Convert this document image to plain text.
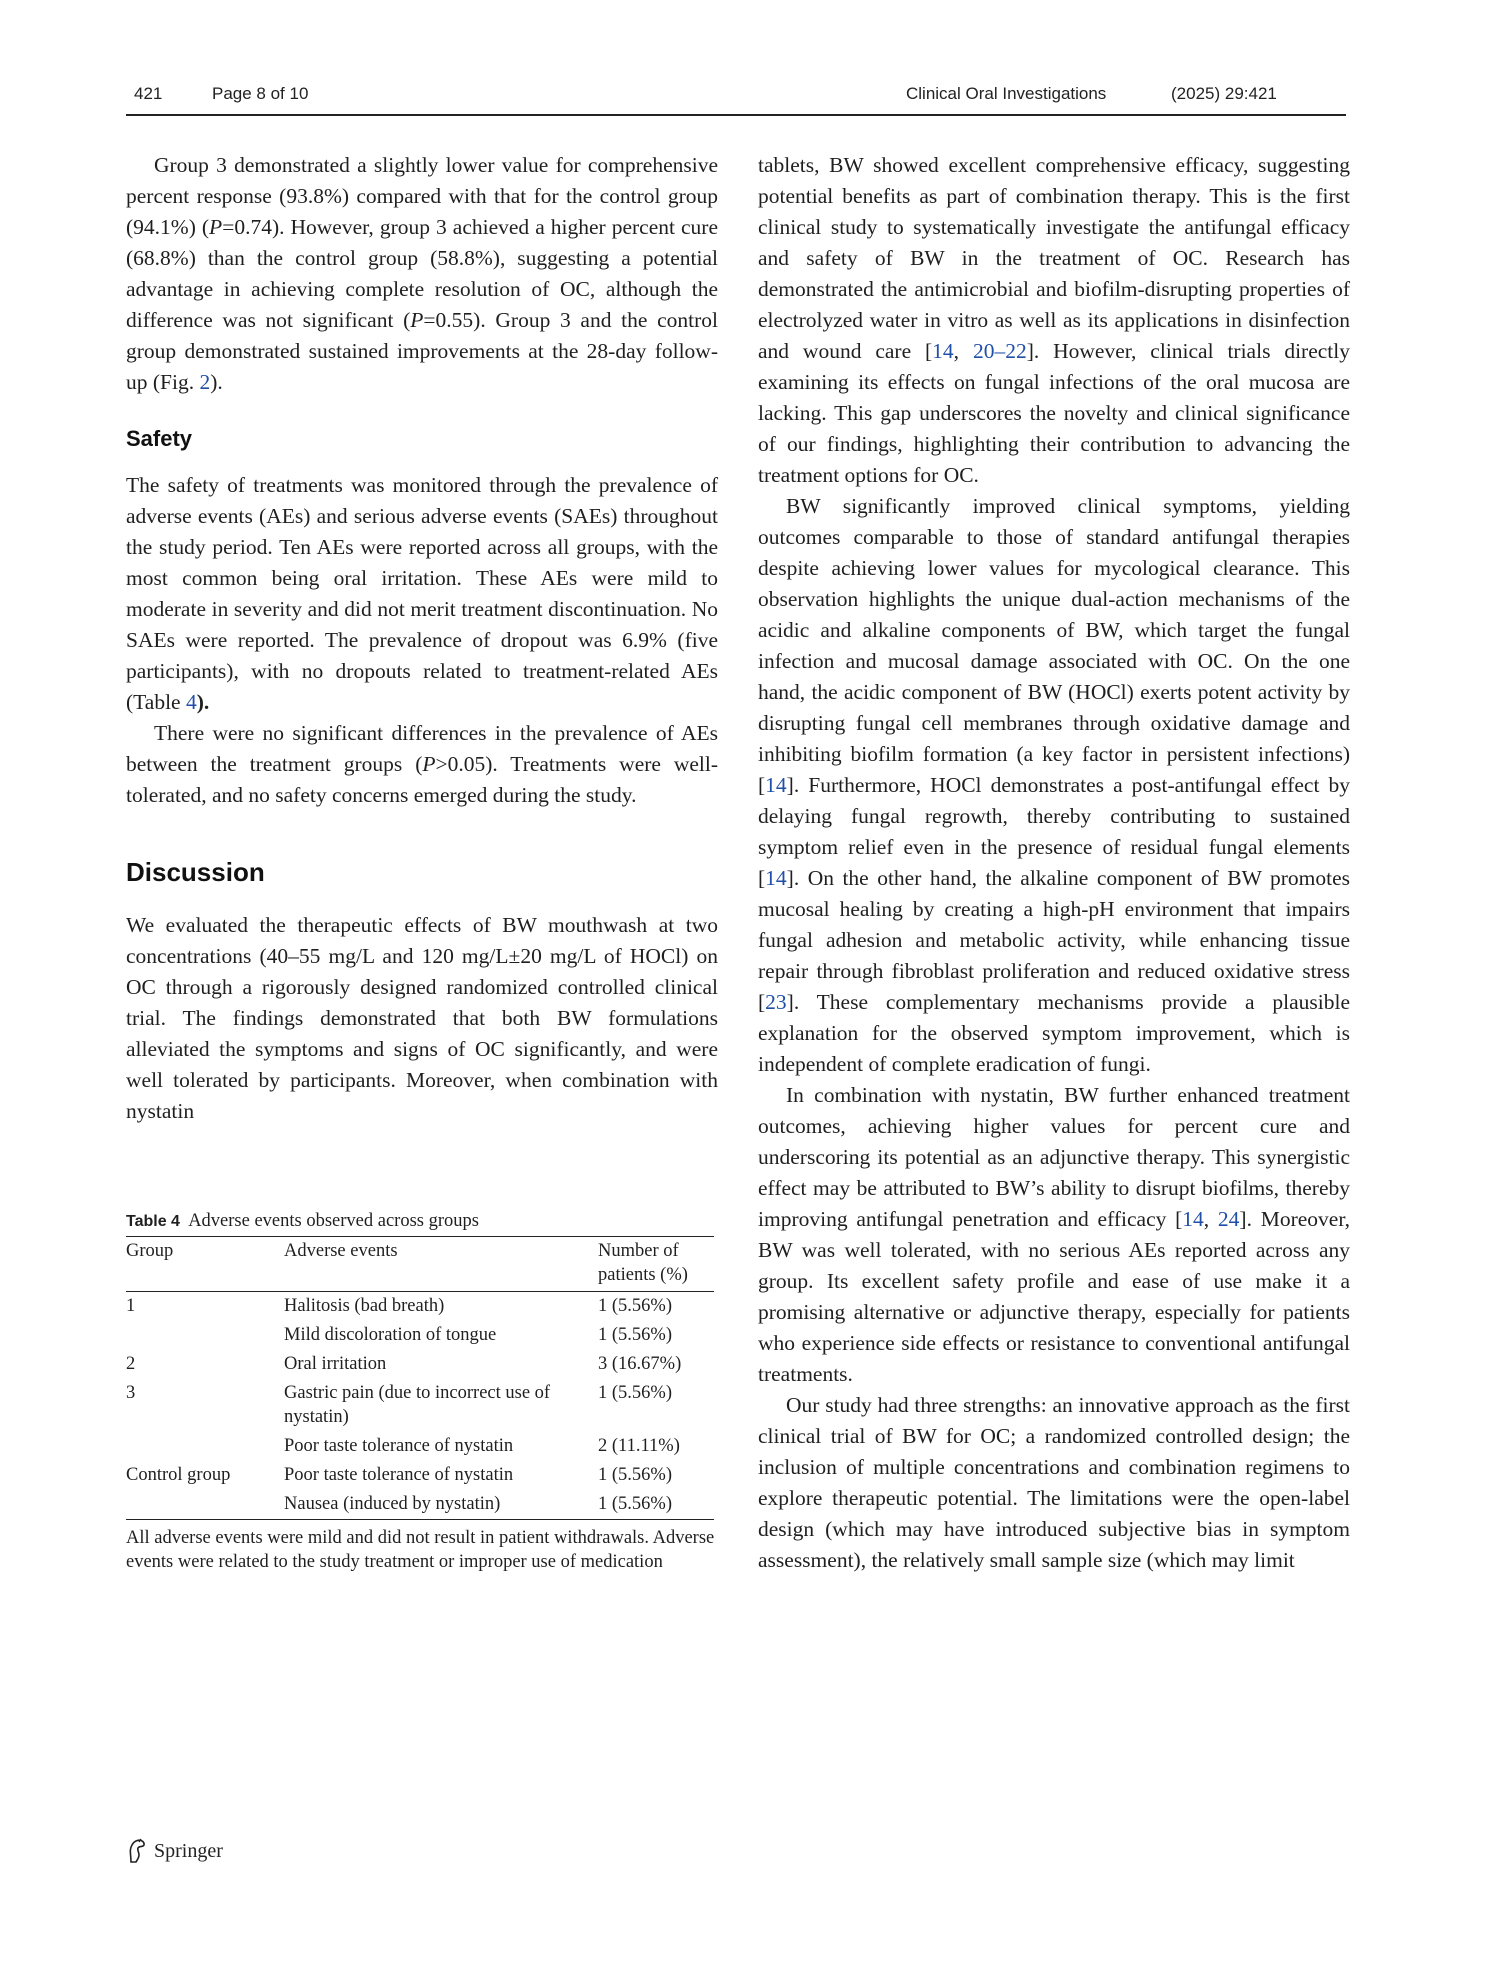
421	Page 8 of 10	Clinical Oral Investigations	(2025) 29:421

Group 3 demonstrated a slightly lower value for comprehensive percent response (93.8%) compared with that for the control group (94.1%) (P=0.74). However, group 3 achieved a higher percent cure (68.8%) than the control group (58.8%), suggesting a potential advantage in achieving complete resolution of OC, although the difference was not significant (P=0.55). Group 3 and the control group demonstrated sustained improvements at the 28-day follow-up (Fig. 2).

Safety

The safety of treatments was monitored through the prevalence of adverse events (AEs) and serious adverse events (SAEs) throughout the study period. Ten AEs were reported across all groups, with the most common being oral irritation. These AEs were mild to moderate in severity and did not merit treatment discontinuation. No SAEs were reported. The prevalence of dropout was 6.9% (five participants), with no dropouts related to treatment-related AEs (Table 4).

There were no significant differences in the prevalence of AEs between the treatment groups (P>0.05). Treatments were well-tolerated, and no safety concerns emerged during the study.

Discussion

We evaluated the therapeutic effects of BW mouthwash at two concentrations (40–55 mg/L and 120 mg/L±20 mg/L of HOCl) on OC through a rigorously designed randomized controlled clinical trial. The findings demonstrated that both BW formulations alleviated the symptoms and signs of OC significantly, and were well tolerated by participants. Moreover, when combination with nystatin

Table 4 Adverse events observed across groups
Group	Adverse events	Number of patients (%)
1	Halitosis (bad breath)	1 (5.56%)
	Mild discoloration of tongue	1 (5.56%)
2	Oral irritation	3 (16.67%)
3	Gastric pain (due to incorrect use of nystatin)	1 (5.56%)
	Poor taste tolerance of nystatin	2 (11.11%)
Control group	Poor taste tolerance of nystatin	1 (5.56%)
	Nausea (induced by nystatin)	1 (5.56%)
All adverse events were mild and did not result in patient withdrawals. Adverse events were related to the study treatment or improper use of medication

tablets, BW showed excellent comprehensive efficacy, suggesting potential benefits as part of combination therapy. This is the first clinical study to systematically investigate the antifungal efficacy and safety of BW in the treatment of OC. Research has demonstrated the antimicrobial and biofilm-disrupting properties of electrolyzed water in vitro as well as its applications in disinfection and wound care [14, 20–22]. However, clinical trials directly examining its effects on fungal infections of the oral mucosa are lacking. This gap underscores the novelty and clinical significance of our findings, highlighting their contribution to advancing the treatment options for OC.

BW significantly improved clinical symptoms, yielding outcomes comparable to those of standard antifungal therapies despite achieving lower values for mycological clearance. This observation highlights the unique dual-action mechanisms of the acidic and alkaline components of BW, which target the fungal infection and mucosal damage associated with OC. On the one hand, the acidic component of BW (HOCl) exerts potent activity by disrupting fungal cell membranes through oxidative damage and inhibiting biofilm formation (a key factor in persistent infections) [14]. Furthermore, HOCl demonstrates a post-antifungal effect by delaying fungal regrowth, thereby contributing to sustained symptom relief even in the presence of residual fungal elements [14]. On the other hand, the alkaline component of BW promotes mucosal healing by creating a high-pH environment that impairs fungal adhesion and metabolic activity, while enhancing tissue repair through fibroblast proliferation and reduced oxidative stress [23]. These complementary mechanisms provide a plausible explanation for the observed symptom improvement, which is independent of complete eradication of fungi.

In combination with nystatin, BW further enhanced treatment outcomes, achieving higher values for percent cure and underscoring its potential as an adjunctive therapy. This synergistic effect may be attributed to BW’s ability to disrupt biofilms, thereby improving antifungal penetration and efficacy [14, 24]. Moreover, BW was well tolerated, with no serious AEs reported across any group. Its excellent safety profile and ease of use make it a promising alternative or adjunctive therapy, especially for patients who experience side effects or resistance to conventional antifungal treatments.

Our study had three strengths: an innovative approach as the first clinical trial of BW for OC; a randomized controlled design; the inclusion of multiple concentrations and combination regimens to explore therapeutic potential. The limitations were the open-label design (which may have introduced subjective bias in symptom assessment), the relatively small sample size (which may limit

Springer
